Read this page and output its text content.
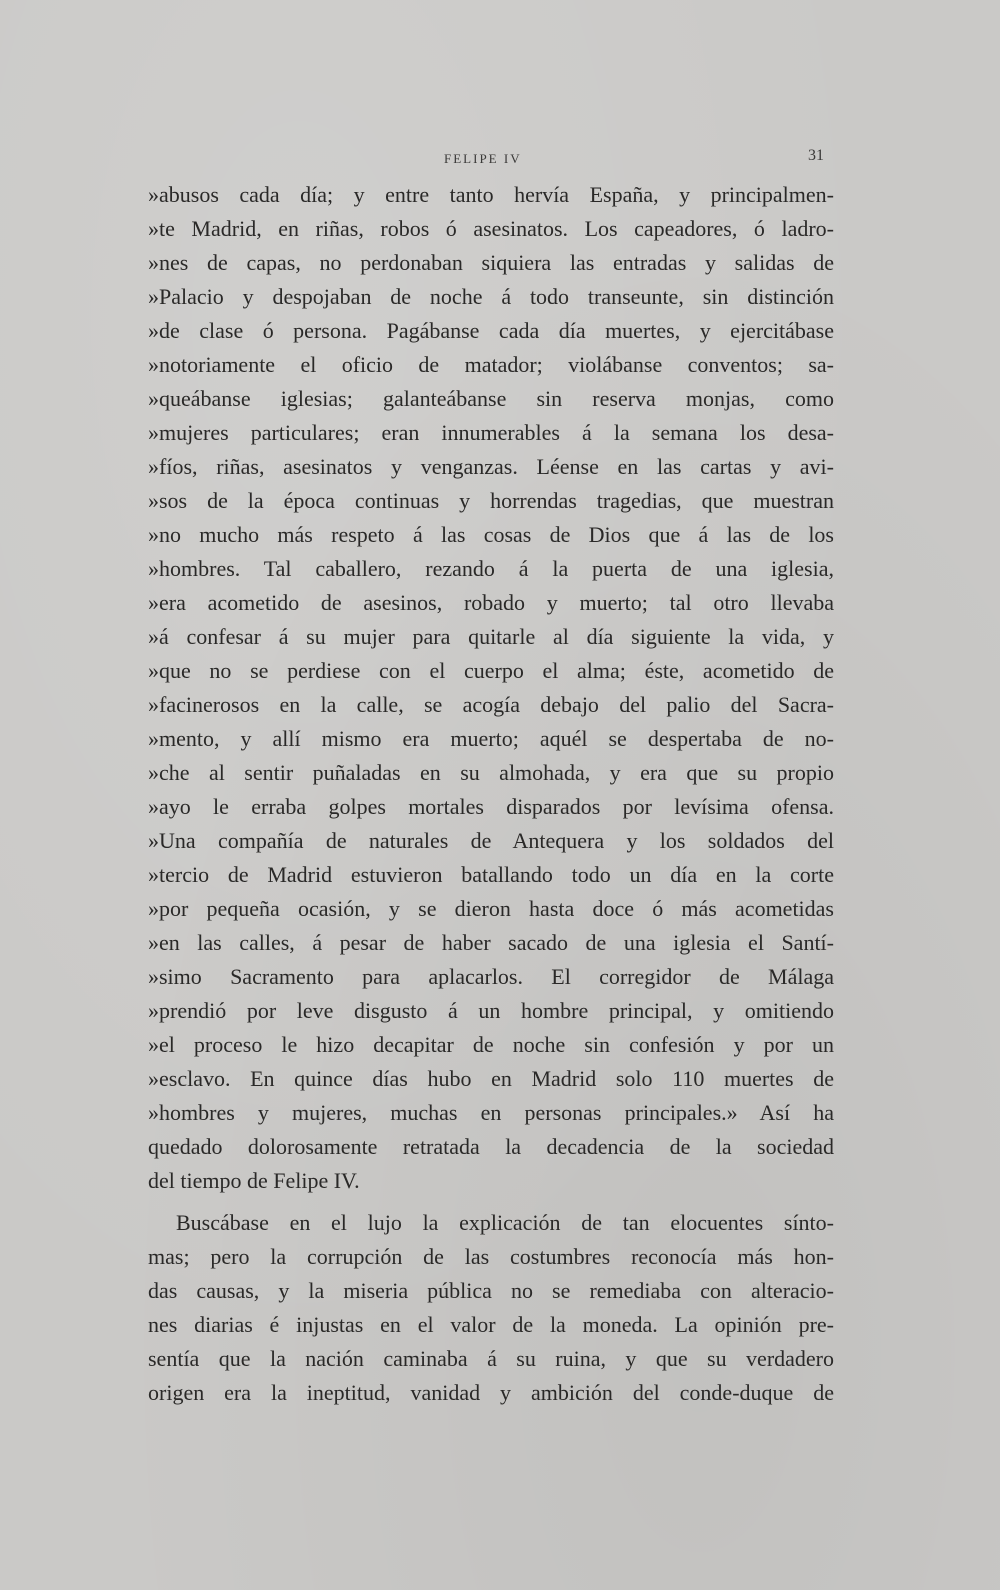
FELIPE IV	31
»abusos cada día; y entre tanto hervía España, y principalmen-
»te Madrid, en riñas, robos ó asesinatos. Los capeadores, ó ladro-
»nes de capas, no perdonaban siquiera las entradas y salidas de
»Palacio y despojaban de noche á todo transeunte, sin distinción
»de clase ó persona. Pagábanse cada día muertes, y ejercitábase
»notoriamente el oficio de matador; violábanse conventos; sa-
»queábanse iglesias; galanteábanse sin reserva monjas, como
»mujeres particulares; eran innumerables á la semana los desa-
»fíos, riñas, asesinatos y venganzas. Léense en las cartas y avi-
»sos de la época continuas y horrendas tragedias, que muestran
»no mucho más respeto á las cosas de Dios que á las de los
»hombres. Tal caballero, rezando á la puerta de una iglesia,
»era acometido de asesinos, robado y muerto; tal otro llevaba
»á confesar á su mujer para quitarle al día siguiente la vida, y
»que no se perdiese con el cuerpo el alma; éste, acometido de
»facinerosos en la calle, se acogía debajo del palio del Sacra-
»mento, y allí mismo era muerto; aquél se despertaba de no-
»che al sentir puñaladas en su almohada, y era que su propio
»ayo le erraba golpes mortales disparados por levísima ofensa.
»Una compañía de naturales de Antequera y los soldados del
»tercio de Madrid estuvieron batallando todo un día en la corte
»por pequeña ocasión, y se dieron hasta doce ó más acometidas
»en las calles, á pesar de haber sacado de una iglesia el Santí-
»simo Sacramento para aplacarlos. El corregidor de Málaga
»prendió por leve disgusto á un hombre principal, y omitiendo
»el proceso le hizo decapitar de noche sin confesión y por un
»esclavo. En quince días hubo en Madrid solo 110 muertes de
»hombres y mujeres, muchas en personas principales.» Así ha
quedado dolorosamente retratada la decadencia de la sociedad
del tiempo de Felipe IV.
Buscábase en el lujo la explicación de tan elocuentes sínto-
mas; pero la corrupción de las costumbres reconocía más hon-
das causas, y la miseria pública no se remediaba con alteracio-
nes diarias é injustas en el valor de la moneda. La opinión pre-
sentía que la nación caminaba á su ruina, y que su verdadero
origen era la ineptitud, vanidad y ambición del conde-duque de
